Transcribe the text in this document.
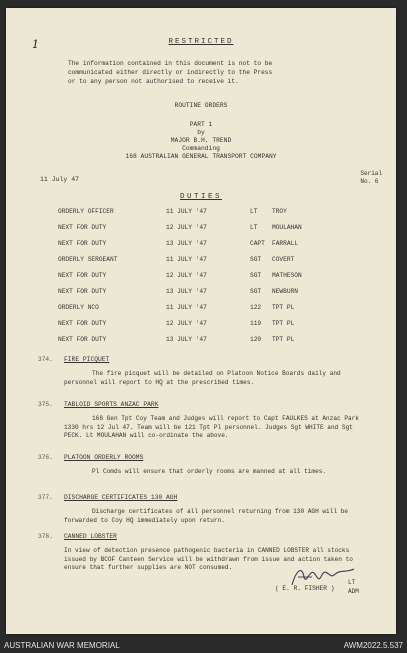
1	RESTRICTED
The information contained in this document is not to be
communicated either directly or indirectly to the Press
or to any person not authorised to receive it.
ROUTINE ORDERS
PART 1
by
MAJOR B.H. TREND
Commanding
168 AUSTRALIAN GENERAL TRANSPORT COMPANY
11 July 47
Serial
No. 6
DUTIES
ORDERLY OFFICER	11 JULY '47	LT	TROY
NEXT FOR DUTY	12 JULY '47	LT	MOULAHAN
NEXT FOR DUTY	13 JULY '47	CAPT	FARRALL
ORDERLY SERGEANT	11 JULY '47	SGT	COVERT
NEXT FOR DUTY	12 JULY '47	SGT	MATHESON
NEXT FOR DUTY	13 JULY '47	SGT	NEWBURN
ORDERLY NCO	11 JULY '47	122	TPT PL
NEXT FOR DUTY	12 JULY '47	119	TPT PL
NEXT FOR DUTY	13 JULY '47	120	TPT PL
374. FIRE PICQUET
The fire picquet will be detailed on Platoon Notice Boards daily and personnel will report to HQ at the prescribed times.
375. TABLOID SPORTS ANZAC PARK
168 Gen Tpt Coy Team and Judges will report to Capt FAULKES at Anzac Park 1330 hrs 12 Jul 47. Team will be 121 Tpt Pl personnel. Judges Sgt WHITE and Sgt PECK. Lt MOULAHAN will co-ordinate the above.
376. PLATOON ORDERLY ROOMS
Pl Comds will ensure that orderly rooms are manned at all times.
377. DISCHARGE CERTIFICATES 130 AGH
Discharge certificates of all personnel returning from 130 AGH will be forwarded to Coy HQ immediately upon return.
378. CANNED LOBSTER
In view of detection presence pathogenic bacteria in CANNED LOBSTER all stocks issued by BCOF Canteen Service will be withdrawn from issue and action taken to ensure that further supplies are NOT consumed.
LT
( E. R. FISHER ) ADM
AUSTRALIAN WAR MEMORIAL	AWM2022.5.537
